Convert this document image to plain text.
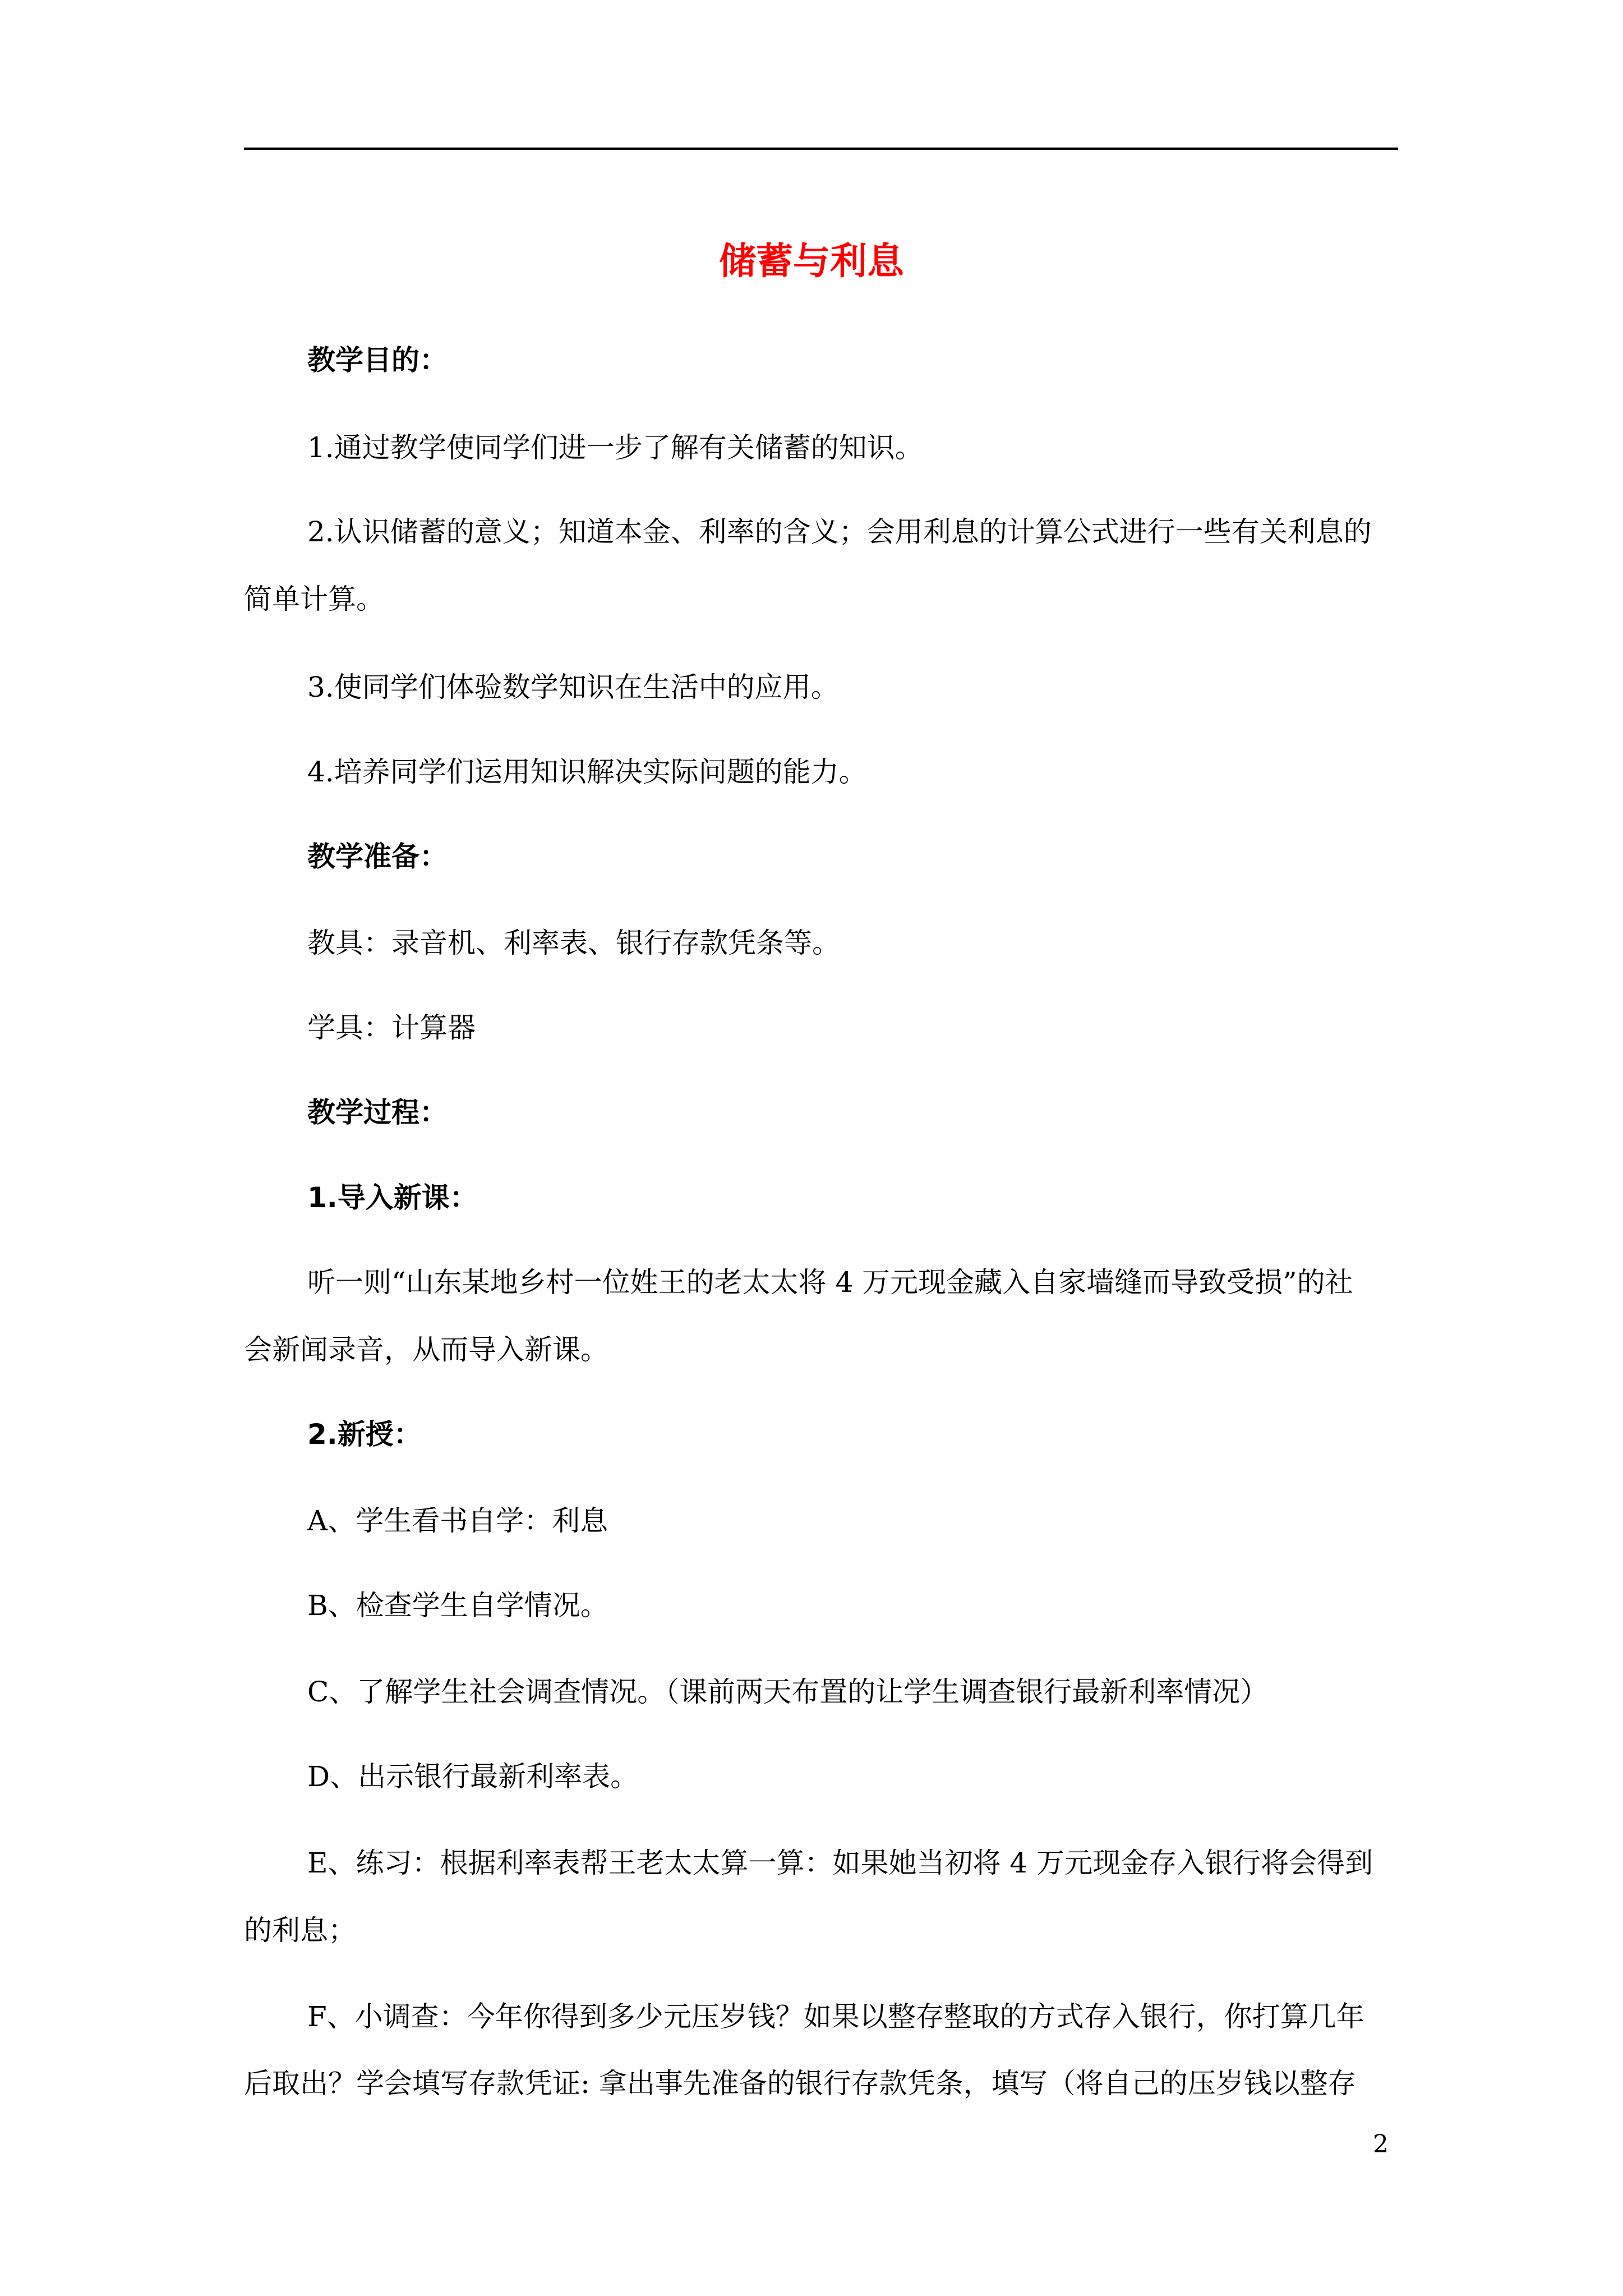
储蓄与利息
教学目的：
1.通过教学使同学们进一步了解有关储蓄的知识。
2.认识储蓄的意义；知道本金、利率的含义；会用利息的计算公式进行一些有关利息的
简单计算。
3.使同学们体验数学知识在生活中的应用。
4.培养同学们运用知识解决实际问题的能力。
教学准备：
教具：录音机、利率表、银行存款凭条等。
学具：计算器
教学过程：
1.导入新课：
听一则“山东某地乡村一位姓王的老太太将 4 万元现金藏入自家墙缝而导致受损”的社
会新闻录音，从而导入新课。
2.新授：
A、学生看书自学：利息
B、检查学生自学情况。
C、了解学生社会调查情况。（课前两天布置的让学生调查银行最新利率情况）
D、出示银行最新利率表。
E、练习：根据利率表帮王老太太算一算：如果她当初将 4 万元现金存入银行将会得到
的利息；
F、小调查：今年你得到多少元压岁钱？如果以整存整取的方式存入银行，你打算几年
后取出？学会填写存款凭证: 拿出事先准备的银行存款凭条，填写（将自己的压岁钱以整存
2
